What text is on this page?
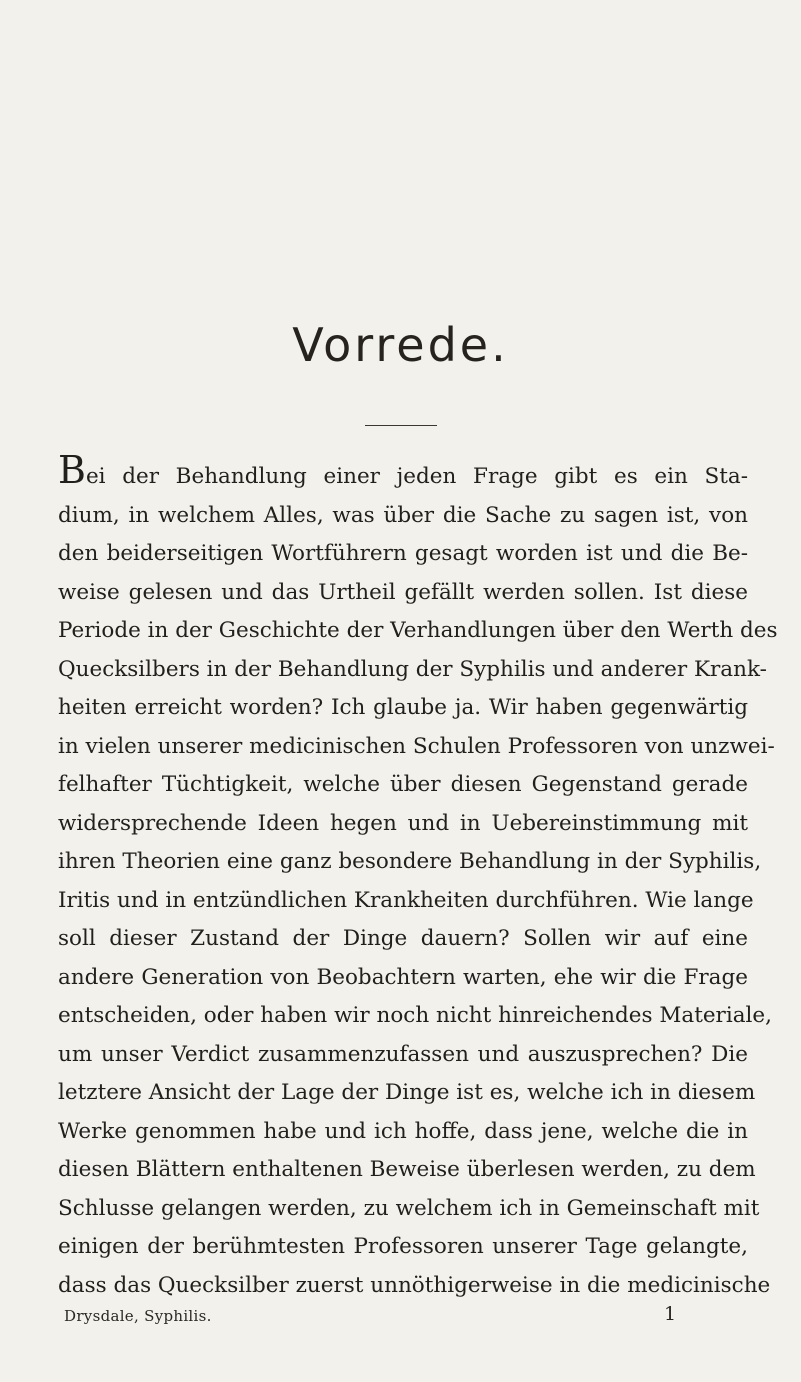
Vorrede.
Bei der Behandlung einer jeden Frage gibt es ein Sta-
dium, in welchem Alles, was über die Sache zu sagen ist, von
den beiderseitigen Wortführern gesagt worden ist und die Be-
weise gelesen und das Urtheil gefällt werden sollen. Ist diese
Periode in der Geschichte der Verhandlungen über den Werth des
Quecksilbers in der Behandlung der Syphilis und anderer Krank-
heiten erreicht worden? Ich glaube ja. Wir haben gegenwärtig
in vielen unserer medicinischen Schulen Professoren von unzwei-
felhafter Tüchtigkeit, welche über diesen Gegenstand gerade
widersprechende Ideen hegen und in Uebereinstimmung mit
ihren Theorien eine ganz besondere Behandlung in der Syphilis,
Iritis und in entzündlichen Krankheiten durchführen. Wie lange
soll dieser Zustand der Dinge dauern? Sollen wir auf eine
andere Generation von Beobachtern warten, ehe wir die Frage
entscheiden, oder haben wir noch nicht hinreichendes Materiale,
um unser Verdict zusammenzufassen und auszusprechen? Die
letztere Ansicht der Lage der Dinge ist es, welche ich in diesem
Werke genommen habe und ich hoffe, dass jene, welche die in
diesen Blättern enthaltenen Beweise überlesen werden, zu dem
Schlusse gelangen werden, zu welchem ich in Gemeinschaft mit
einigen der berühmtesten Professoren unserer Tage gelangte,
dass das Quecksilber zuerst unnöthigerweise in die medicinische
Drysdale, Syphilis.	1
